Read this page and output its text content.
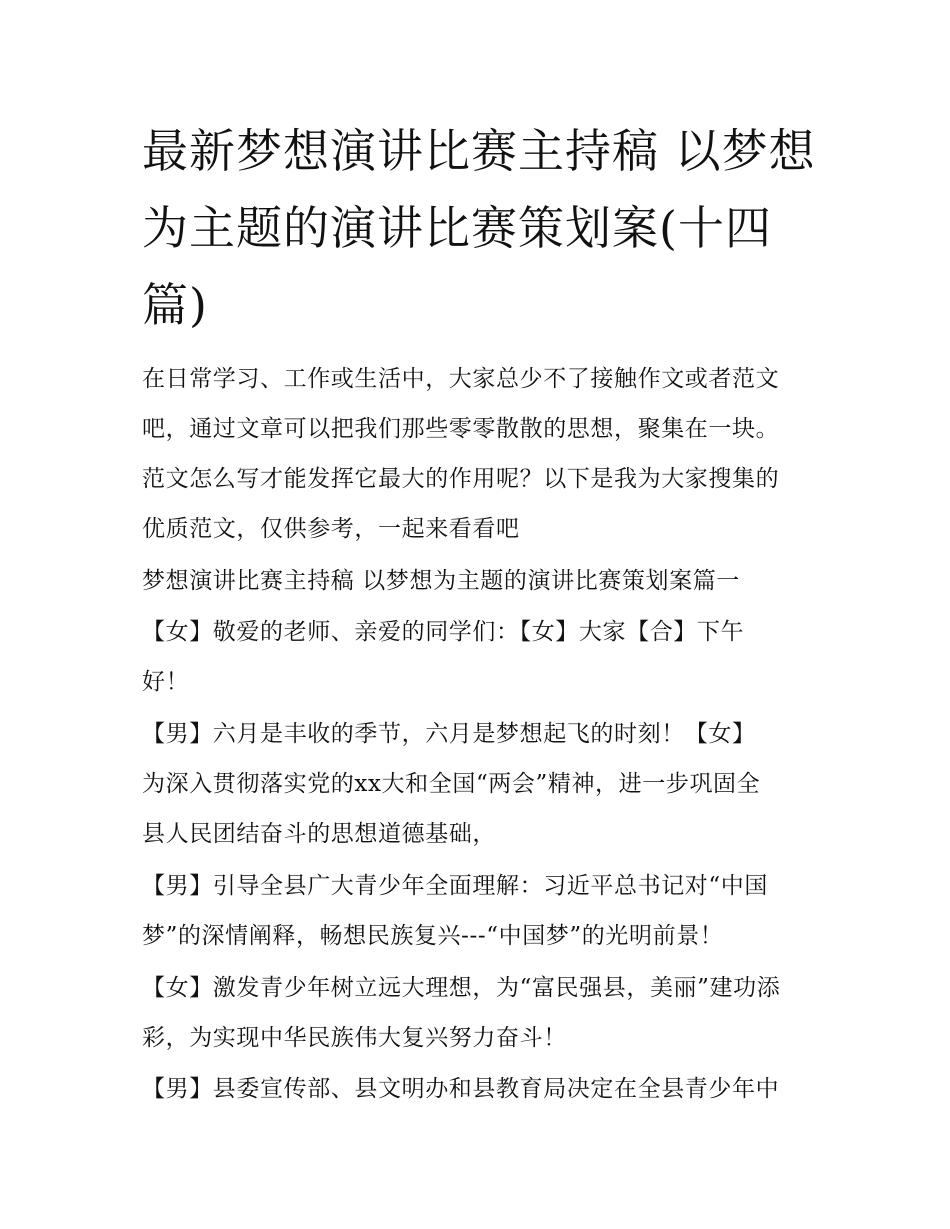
最新梦想演讲比赛主持稿 以梦想为主题的演讲比赛策划案(十四篇)

在日常学习、工作或生活中，大家总少不了接触作文或者范文

吧，通过文章可以把我们那些零零散散的思想，聚集在一块。

范文怎么写才能发挥它最大的作用呢？以下是我为大家搜集的

优质范文，仅供参考，一起来看看吧

梦想演讲比赛主持稿 以梦想为主题的演讲比赛策划案篇一

【女】敬爱的老师、亲爱的同学们：【女】大家【合】下午

好！

【男】六月是丰收的季节，六月是梦想起飞的时刻！【女】

为深入贯彻落实党的xx大和全国“两会”精神，进一步巩固全

县人民团结奋斗的思想道德基础，

【男】引导全县广大青少年全面理解：习近平总书记对“中国

梦”的深情阐释，畅想民族复兴---“中国梦”的光明前景！

【女】激发青少年树立远大理想，为“富民强县，美丽”建功添

彩，为实现中华民族伟大复兴努力奋斗！

【男】县委宣传部、县文明办和县教育局决定在全县青少年中
